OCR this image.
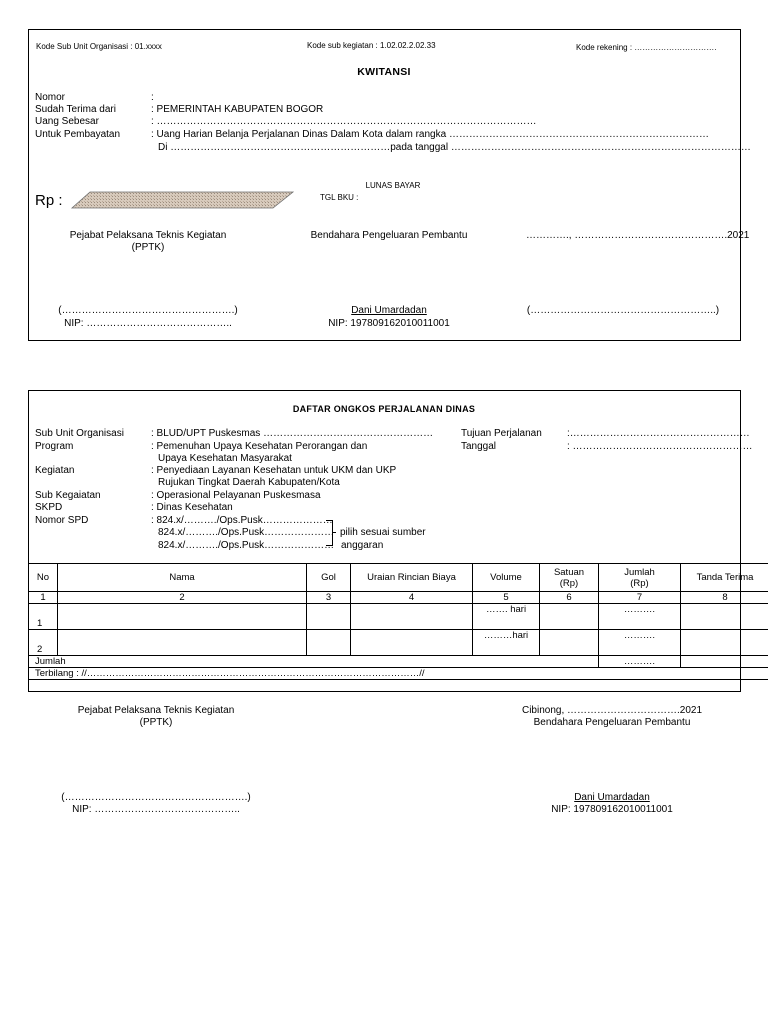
Kode Sub Unit Organisasi : 01.xxxx	Kode sub kegiatan : 1.02.02.2.02.33	Kode rekening : ………………………….
KWITANSI
Nomor	:
Sudah Terima dari	: PEMERINTAH KABUPATEN BOGOR
Uang Sebesar	: ……………………………………………………………………………………………………
Untuk Pembayatan	: Uang Harian Belanja Perjalanan Dinas Dalam Kota dalam rangka ……………………………………………………………………
Di …………………………………………………………pada tanggal ………………………………………………………………………………
Rp :
LUNAS BAYAR
TGL BKU :
Pejabat Pelaksana Teknis Kegiatan
(PPTK)
Bendahara Pengeluaran Pembantu	…………., ……………………………………….2021
(…………………………………………….)
NIP: ……………………………………..
Dani Umardadan
NIP: 197809162010011001
(………………………………………………..)
DAFTAR ONGKOS PERJALANAN DINAS
Sub Unit Organisasi	: BLUD/UPT Puskesmas ……………………………………………
Program	: Pemenuhan Upaya Kesehatan Perorangan dan
Upaya Kesehatan Masyarakat
Kegiatan	: Penyediaan Layanan Kesehatan untuk UKM dan UKP
Rujukan Tingkat Daerah Kabupaten/Kota
Sub Kegaiatan	: Operasional Pelayanan Puskesmasa
SKPD	: Dinas Kesehatan
Nomor SPD	: 824.x/………./Ops.Pusk…………………
824.x/………./Ops.Pusk…………………
824.x/………./Ops.Pusk…………………
pilih sesuai sumber
anggaran
Tujuan Perjalanan	:………………………………………………
Tanggal	: ………………………………………………
No	Nama	Gol	Uraian Rincian Biaya	Volume	Satuan (Rp)	Jumlah (Rp)	Tanda Terima
1	2	3	4	5	6	7	8
1				……. hari		……….	
2				………hari		……….	
Jumlah						……….	
Terbilang : //……………………………………………………………………………………………//							
Pejabat Pelaksana Teknis Kegiatan
(PPTK)
Cibinong, …………………………….2021
Bendahara Pengeluaran Pembantu
(……………………………………………….)
NIP: ……………………………………..
Dani Umardadan
NIP: 197809162010011001
